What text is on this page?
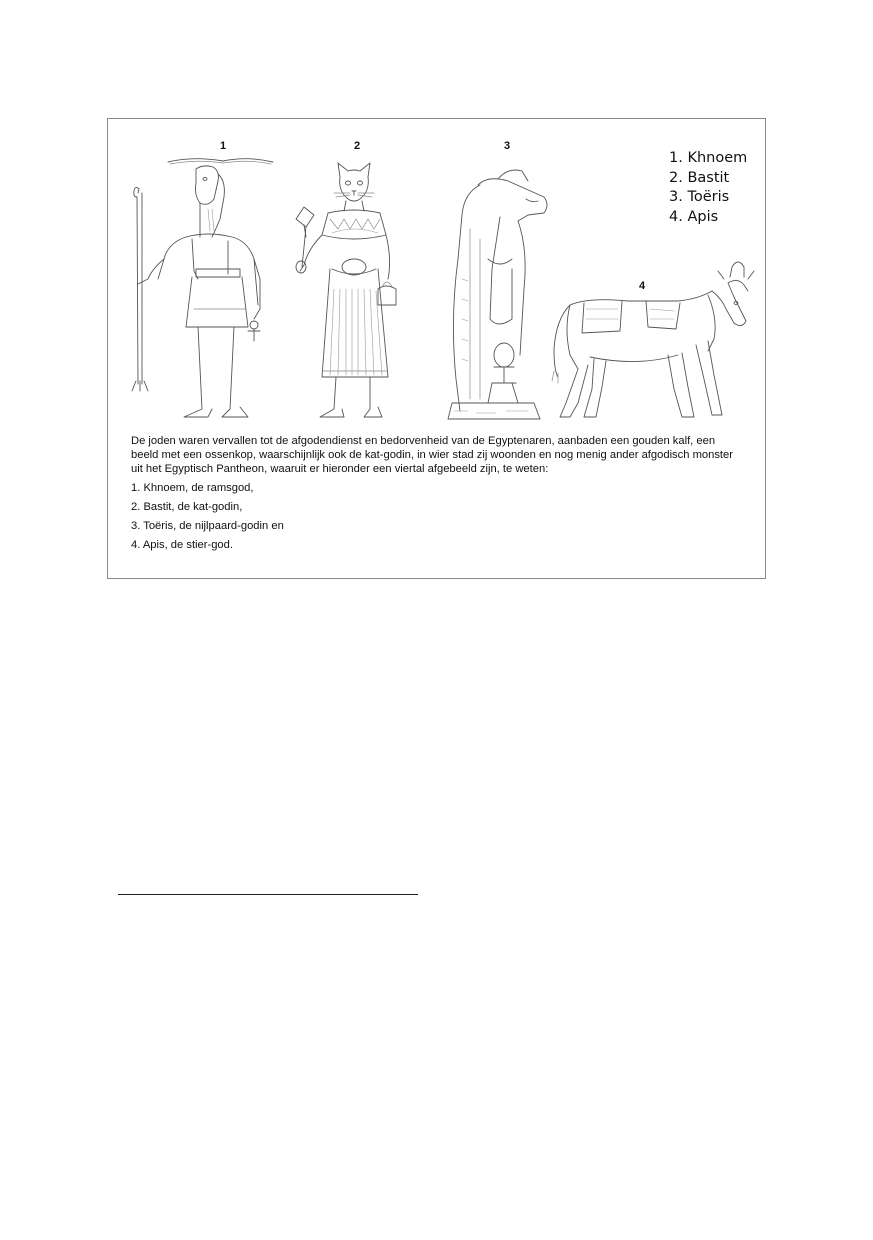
1	2	3
4
1. Khnoem
2. Bastit
3. Toëris
4. Apis

De joden waren vervallen tot de afgodendienst en bedorvenheid van de Egyptenaren, aanbaden een gouden kalf, een beeld met een ossenkop, waarschijnlijk ook de kat-godin, in wier stad zij woonden en nog menig ander afgodisch monster uit het Egyptisch Pantheon, waaruit er hieronder een viertal afgebeeld zijn, te weten:

1. Khnoem, de ramsgod,

2. Bastit, de kat-godin,

3. Toëris, de nijlpaard-godin en

4. Apis, de stier-god.
